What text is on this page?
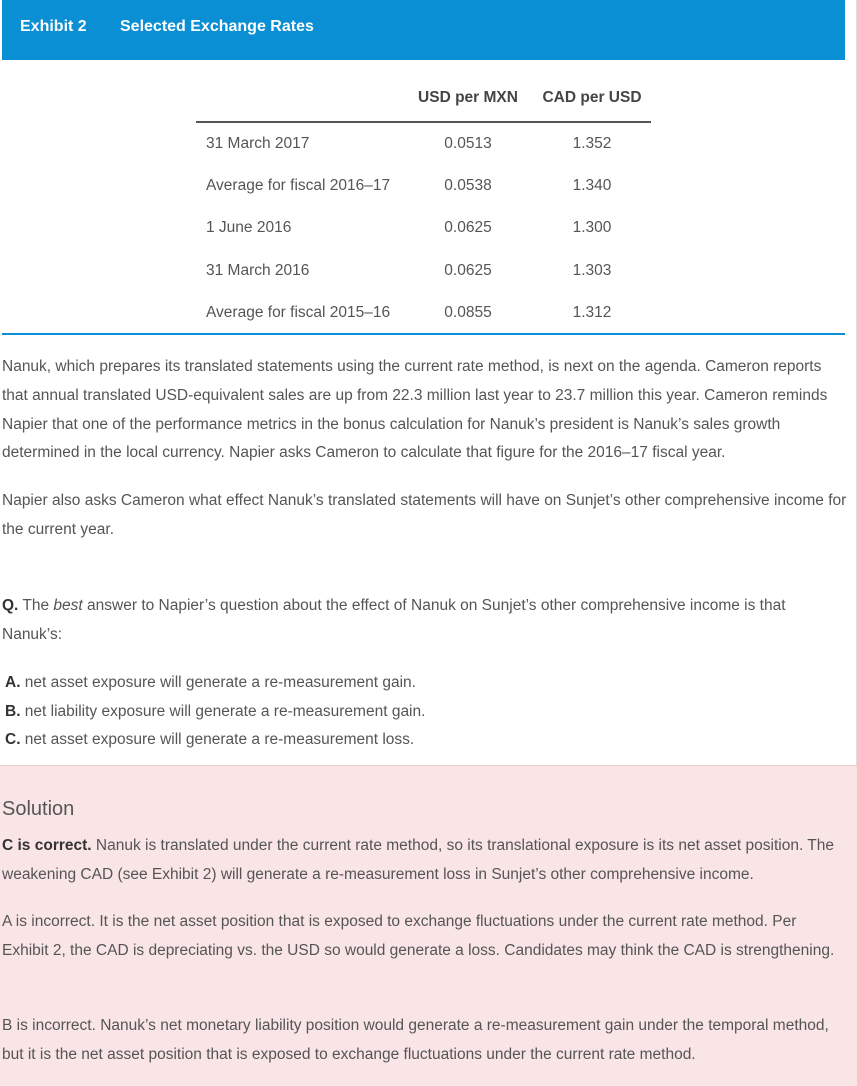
Exhibit 2 Selected Exchange Rates
	USD per MXN	CAD per USD
31 March 2017	0.0513	1.352
Average for fiscal 2016–17	0.0538	1.340
1 June 2016	0.0625	1.300
31 March 2016	0.0625	1.303
Average for fiscal 2015–16	0.0855	1.312

Nanuk, which prepares its translated statements using the current rate method, is next on the agenda. Cameron reports that annual translated USD-equivalent sales are up from 22.3 million last year to 23.7 million this year. Cameron reminds Napier that one of the performance metrics in the bonus calculation for Nanuk’s president is Nanuk’s sales growth determined in the local currency. Napier asks Cameron to calculate that figure for the 2016–17 fiscal year.

Napier also asks Cameron what effect Nanuk’s translated statements will have on Sunjet’s other comprehensive income for the current year.

Q. The best answer to Napier’s question about the effect of Nanuk on Sunjet’s other comprehensive income is that Nanuk’s:

A. net asset exposure will generate a re-measurement gain.
B. net liability exposure will generate a re-measurement gain.
C. net asset exposure will generate a re-measurement loss.
Solution

C is correct. Nanuk is translated under the current rate method, so its translational exposure is its net asset position. The weakening CAD (see Exhibit 2) will generate a re-measurement loss in Sunjet’s other comprehensive income.

A is incorrect. It is the net asset position that is exposed to exchange fluctuations under the current rate method. Per Exhibit 2, the CAD is depreciating vs. the USD so would generate a loss. Candidates may think the CAD is strengthening.

B is incorrect. Nanuk’s net monetary liability position would generate a re-measurement gain under the temporal method, but it is the net asset position that is exposed to exchange fluctuations under the current rate method.
